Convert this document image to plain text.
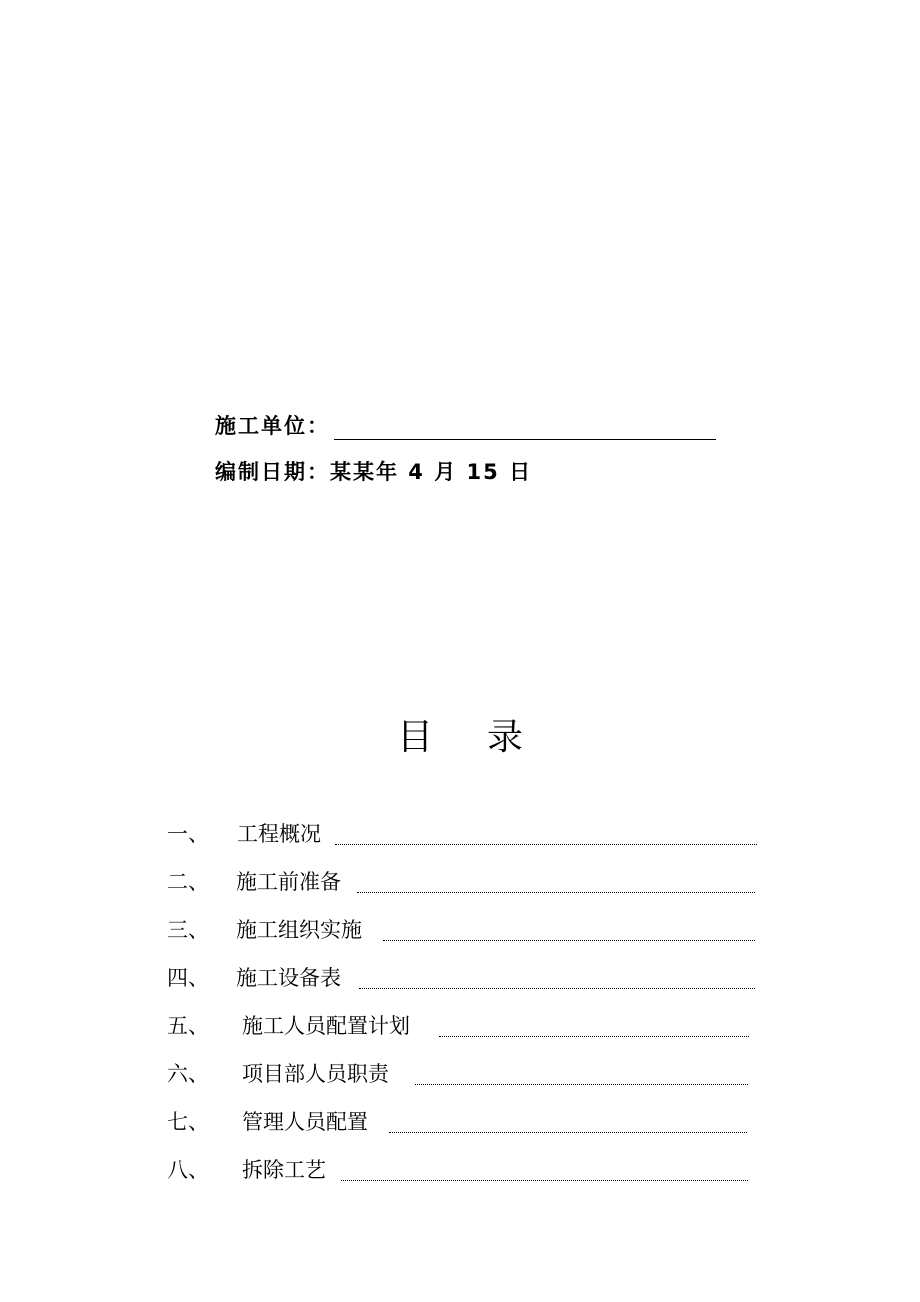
施工单位：
编制日期： 某某年 4 月 15 日
目 录
一、 工程概况
二、 施工前准备
三、 施工组织实施
四、 施工设备表
五、 施工人员配置计划
六、 项目部人员职责
七、 管理人员配置
八、 拆除工艺
